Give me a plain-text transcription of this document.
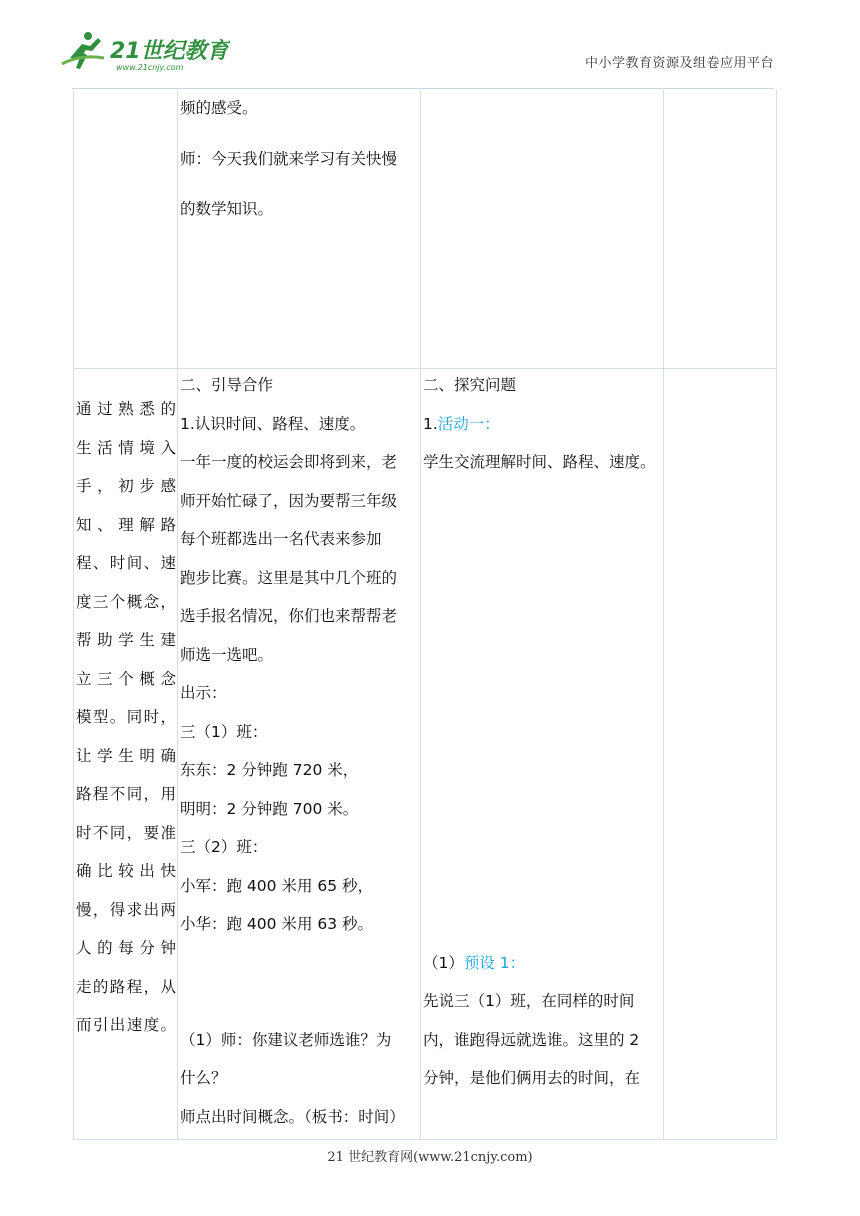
21世纪教育
www.21cnjy.com	中小学教育资源及组卷应用平台
频的感受。
师：今天我们就来学习有关快慢
的数学知识。
通过熟悉的
生活情境入
手，初步感
知、理解路
程、时间、速
度三个概念，
帮助学生建
立三个概念
模型。同时，
让学生明确
路程不同，用
时不同，要准
确比较出快
慢，得求出两
人的每分钟
走的路程，从
而引出速度。
二、引导合作
1.认识时间、路程、速度。
一年一度的校运会即将到来，老
师开始忙碌了，因为要帮三年级
每个班都选出一名代表来参加
跑步比赛。这里是其中几个班的
选手报名情况，你们也来帮帮老
师选一选吧。
出示：
三（1）班：
东东：2 分钟跑 720 米，
明明：2 分钟跑 700 米。
三（2）班：
小军：跑 400 米用 65 秒，
小华：跑 400 米用 63 秒。
（1）师：你建议老师选谁？为
什么？
师点出时间概念。（板书：时间）
二、探究问题
1.活动一：
学生交流理解时间、路程、速度。
（1）预设 1：
先说三（1）班，在同样的时间
内，谁跑得远就选谁。这里的 2
分钟，是他们俩用去的时间，在
21 世纪教育网(www.21cnjy.com)
